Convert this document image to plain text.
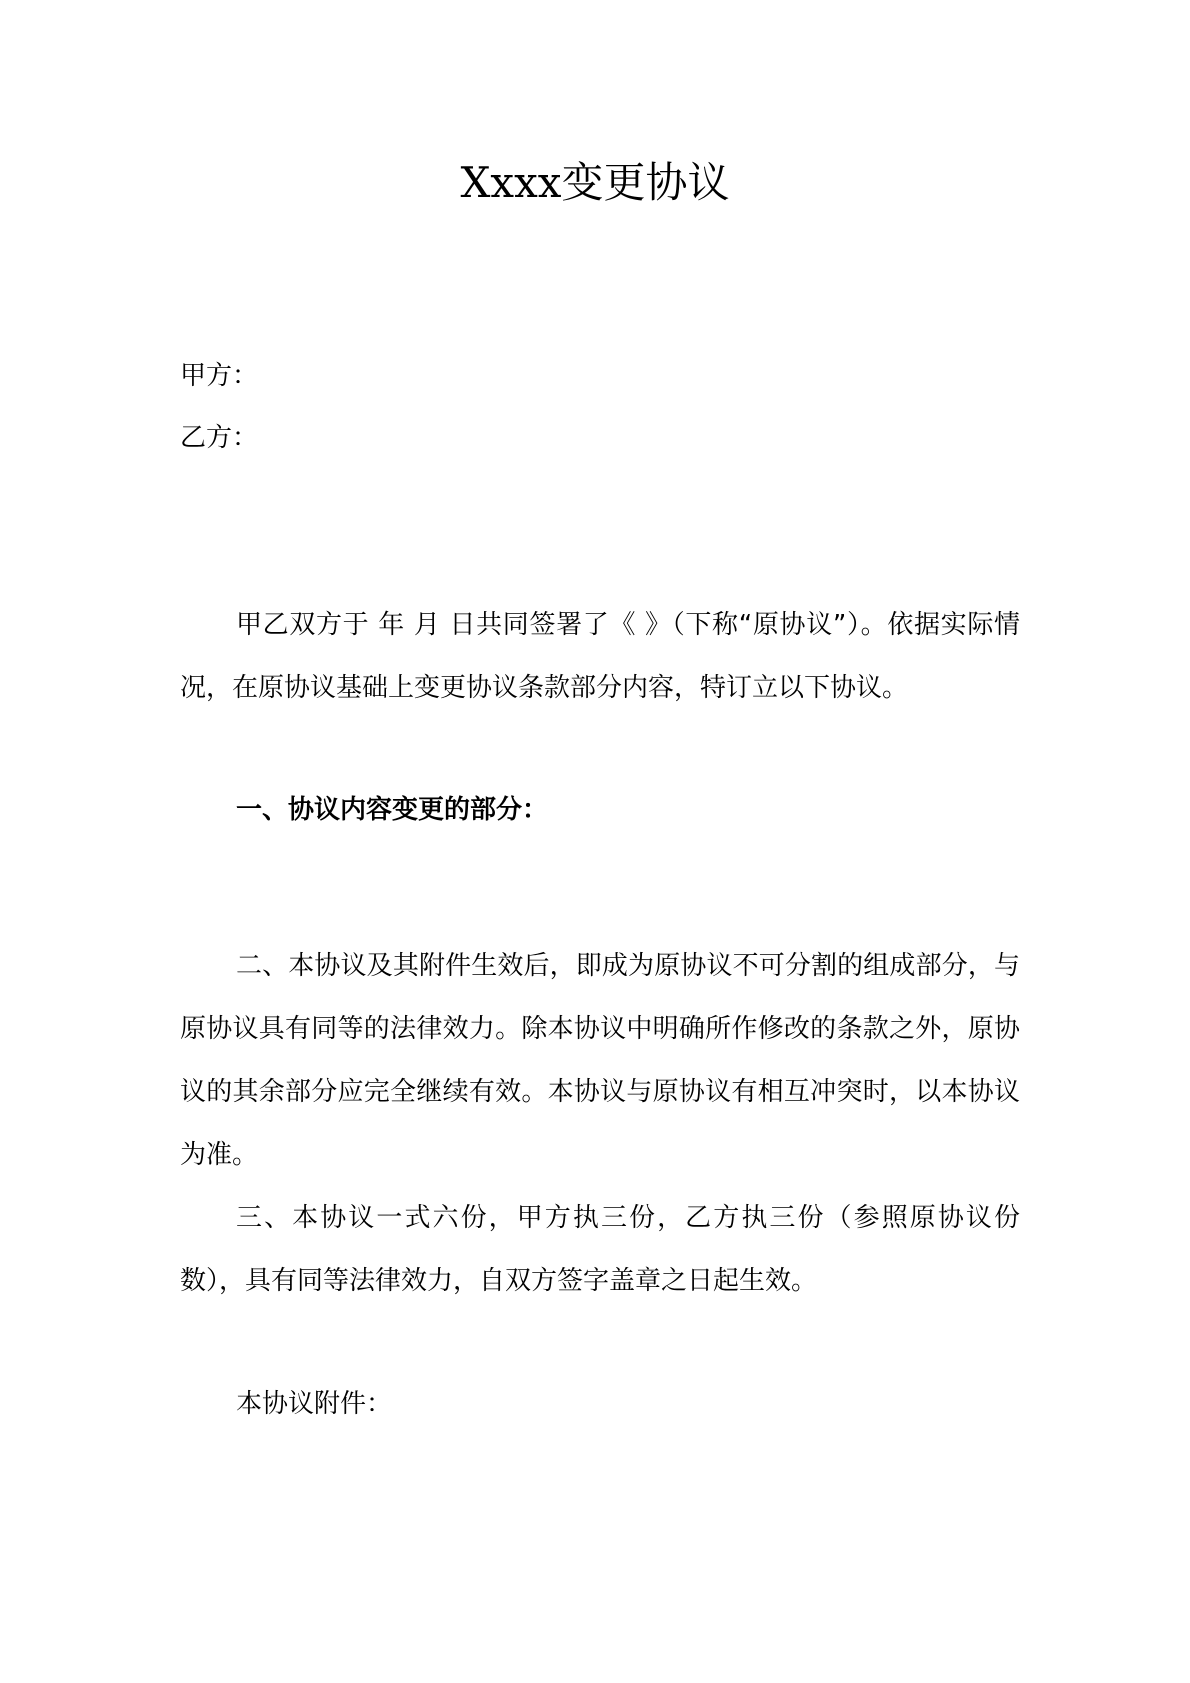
Xxxx变更协议
甲方：
乙方：
甲乙双方于 年 月 日共同签署了《 》（下称“原协议”）。依据实际情况，在原协议基础上变更协议条款部分内容，特订立以下协议。
一、协议内容变更的部分：
二、本协议及其附件生效后，即成为原协议不可分割的组成部分，与原协议具有同等的法律效力。除本协议中明确所作修改的条款之外，原协议的其余部分应完全继续有效。本协议与原协议有相互冲突时，以本协议为准。
三、本协议一式六份，甲方执三份，乙方执三份（参照原协议份数），具有同等法律效力，自双方签字盖章之日起生效。
本协议附件：
